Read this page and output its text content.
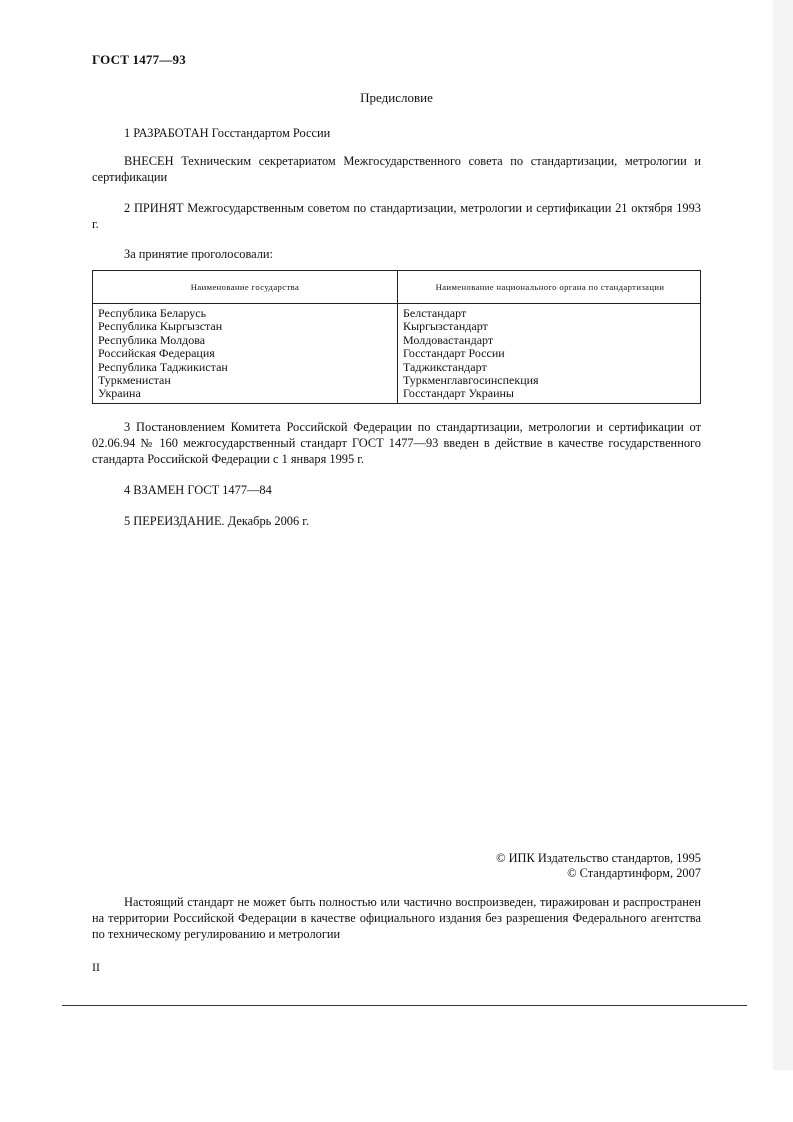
ГОСТ 1477—93
Предисловие
1 РАЗРАБОТАН Госстандартом России
ВНЕСЕН Техническим секретариатом Межгосударственного совета по стандартизации, метрологии и сертификации
2 ПРИНЯТ Межгосударственным советом по стандартизации, метрологии и сертификации 21 октября 1993 г.
За принятие проголосовали:
Наименование государства	Наименование национального органа по стандартизации
Республика Беларусь
Республика Кыргызстан
Республика Молдова
Российская Федерация
Республика Таджикистан
Туркменистан
Украина
Белстандарт
Кыргызстандарт
Молдовастандарт
Госстандарт России
Таджикстандарт
Туркменглавгосинспекция
Госстандарт Украины
3 Постановлением Комитета Российской Федерации по стандартизации, метрологии и сертификации от 02.06.94 № 160 межгосударственный стандарт ГОСТ 1477—93 введен в действие в качестве государственного стандарта Российской Федерации с 1 января 1995 г.
4 ВЗАМЕН ГОСТ 1477—84
5 ПЕРЕИЗДАНИЕ. Декабрь 2006 г.
© ИПК Издательство стандартов, 1995
© Стандартинформ, 2007
Настоящий стандарт не может быть полностью или частично воспроизведен, тиражирован и распространен на территории Российской Федерации в качестве официального издания без разрешения Федерального агентства по техническому регулированию и метрологии
II
